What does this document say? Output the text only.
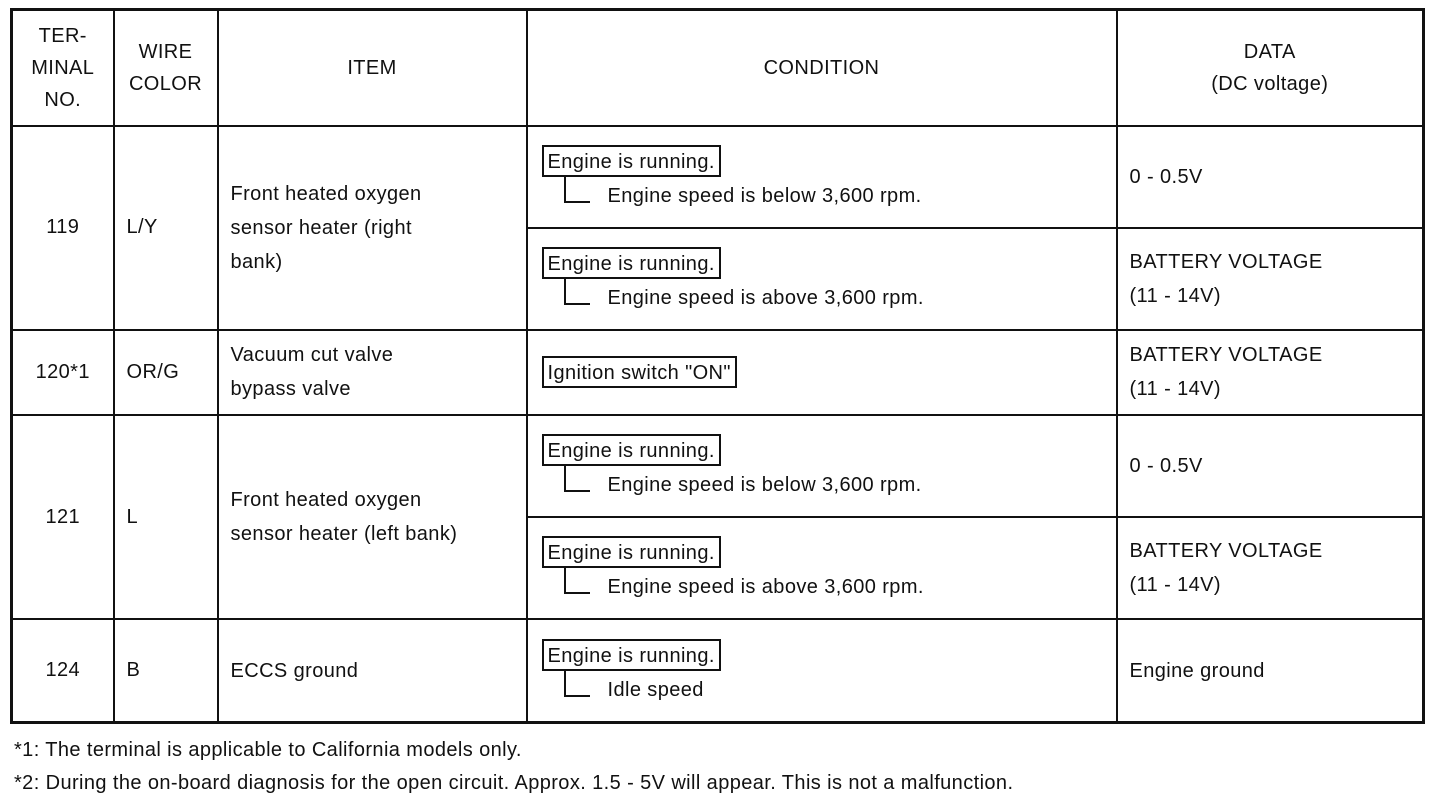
TER-
MINAL
NO.	WIRE
COLOR	ITEM	CONDITION	DATA
(DC voltage)

119	L/Y	Front heated oxygen
sensor heater (right
bank)	Engine is running.
Engine speed is below 3,600 rpm.	0 - 0.5V

			Engine is running.
Engine speed is above 3,600 rpm.	BATTERY VOLTAGE
(11 - 14V)

120*1	OR/G	Vacuum cut valve
bypass valve	Ignition switch "ON"	BATTERY VOLTAGE
(11 - 14V)

121	L	Front heated oxygen
sensor heater (left bank)	Engine is running.
Engine speed is below 3,600 rpm.	0 - 0.5V

			Engine is running.
Engine speed is above 3,600 rpm.	BATTERY VOLTAGE
(11 - 14V)

124	B	ECCS ground	Engine is running.
Idle speed	Engine ground
*1: The terminal is applicable to California models only.
*2: During the on-board diagnosis for the open circuit. Approx. 1.5 - 5V will appear. This is not a malfunction.
